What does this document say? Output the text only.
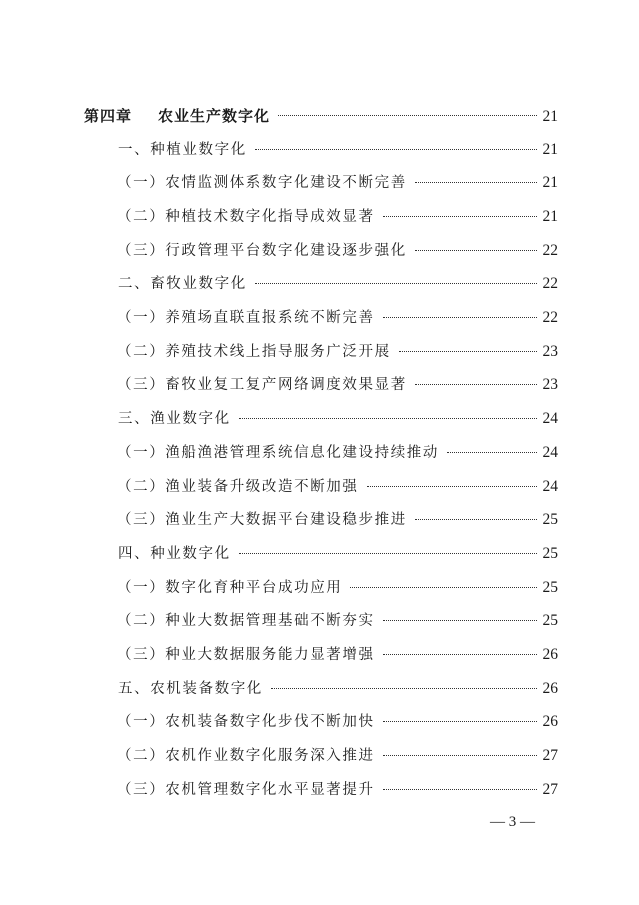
第四章 农业生产数字化	21
一、种植业数字化	21
（一）农情监测体系数字化建设不断完善	21
（二）种植技术数字化指导成效显著	21
（三）行政管理平台数字化建设逐步强化	22
二、畜牧业数字化	22
（一）养殖场直联直报系统不断完善	22
（二）养殖技术线上指导服务广泛开展	23
（三）畜牧业复工复产网络调度效果显著	23
三、渔业数字化	24
（一）渔船渔港管理系统信息化建设持续推动	24
（二）渔业装备升级改造不断加强	24
（三）渔业生产大数据平台建设稳步推进	25
四、种业数字化	25
（一）数字化育种平台成功应用	25
（二）种业大数据管理基础不断夯实	25
（三）种业大数据服务能力显著增强	26
五、农机装备数字化	26
（一）农机装备数字化步伐不断加快	26
（二）农机作业数字化服务深入推进	27
（三）农机管理数字化水平显著提升	27
— 3 —
